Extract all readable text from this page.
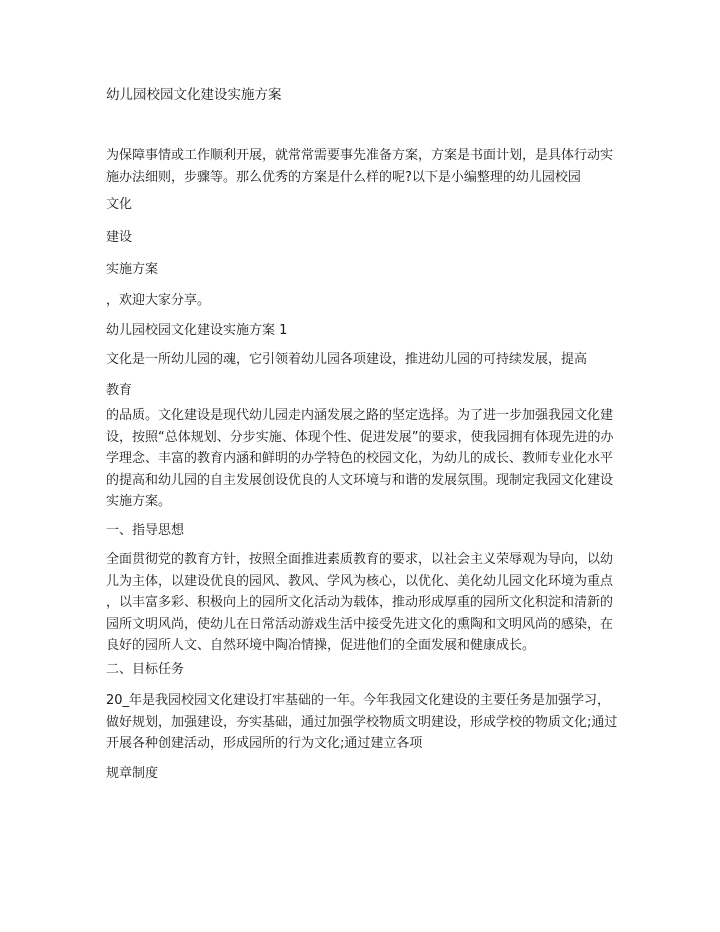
幼儿园校园文化建设实施方案

为保障事情或工作顺利开展，就常常需要事先准备方案，方案是书面计划，是具体行动实
施办法细则，步骤等。那么优秀的方案是什么样的呢?以下是小编整理的幼儿园校园

文化

建设

实施方案

，欢迎大家分享。

幼儿园校园文化建设实施方案 1

文化是一所幼儿园的魂，它引领着幼儿园各项建设，推进幼儿园的可持续发展，提高

教育

的品质。文化建设是现代幼儿园走内涵发展之路的坚定选择。为了进一步加强我园文化建
设，按照“总体规划、分步实施、体现个性、促进发展”的要求，使我园拥有体现先进的办
学理念、丰富的教育内涵和鲜明的办学特色的校园文化，为幼儿的成长、教师专业化水平
的提高和幼儿园的自主发展创设优良的人文环境与和谐的发展氛围。现制定我园文化建设
实施方案。

一、指导思想

全面贯彻党的教育方针，按照全面推进素质教育的要求，以社会主义荣辱观为导向，以幼
儿为主体，以建设优良的园风、教风、学风为核心，以优化、美化幼儿园文化环境为重点
，以丰富多彩、积极向上的园所文化活动为载体，推动形成厚重的园所文化积淀和清新的
园所文明风尚，使幼儿在日常活动游戏生活中接受先进文化的熏陶和文明风尚的感染，在
良好的园所人文、自然环境中陶冶情操，促进他们的全面发展和健康成长。

二、目标任务

20_年是我园校园文化建设打牢基础的一年。今年我园文化建设的主要任务是加强学习，
做好规划，加强建设，夯实基础，通过加强学校物质文明建设，形成学校的物质文化;通过
开展各种创建活动，形成园所的行为文化;通过建立各项

规章制度
